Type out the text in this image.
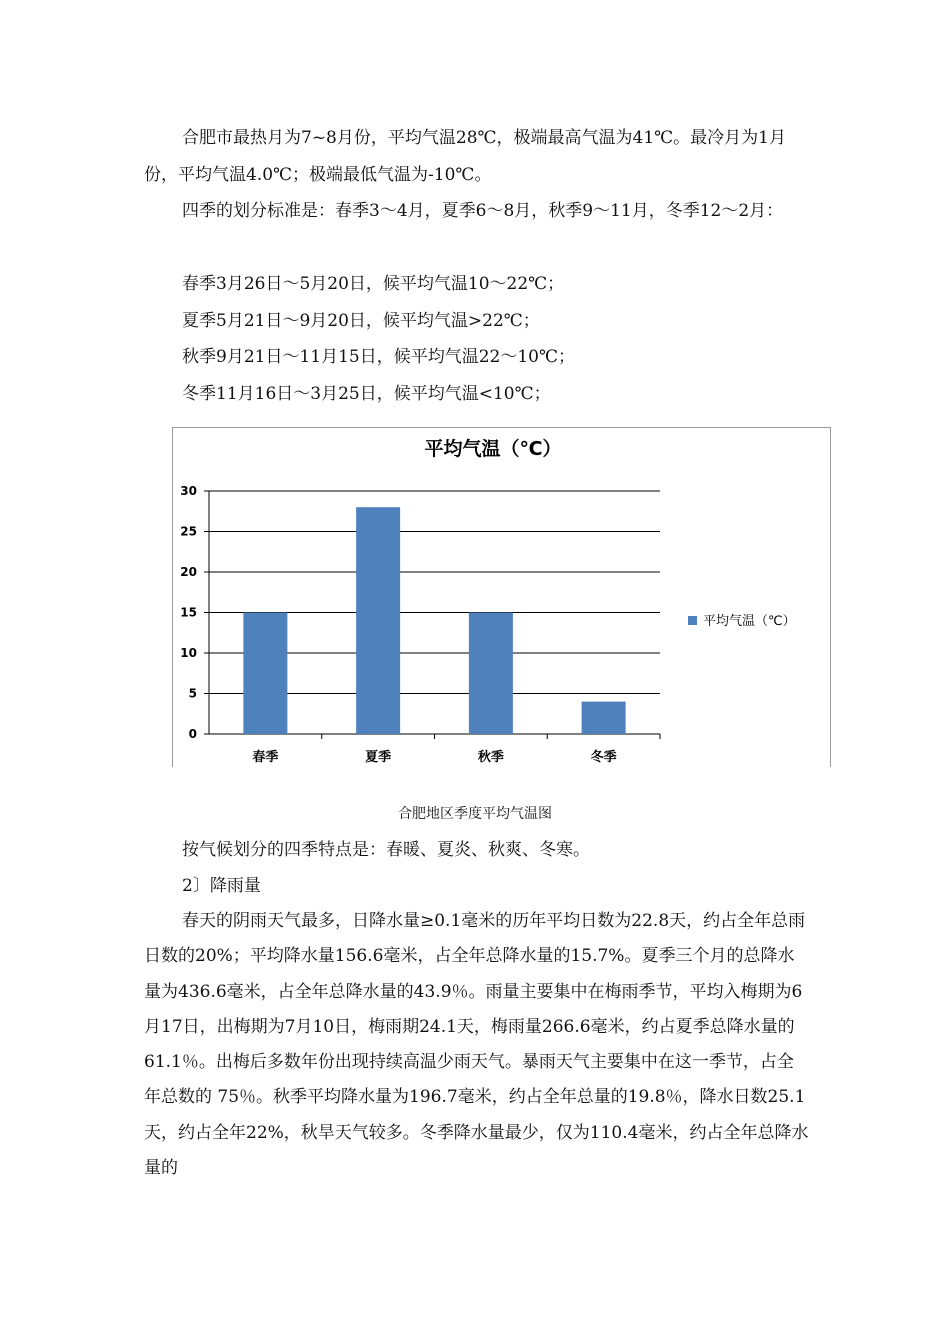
合肥市最热月为7~8月份，平均气温28℃，极端最高气温为41℃。最冷月为1月份，平均气温4.0℃；极端最低气温为-10℃。

四季的划分标准是：春季3～4月，夏季6～8月，秋季9～11月，冬季12～2月：

春季3月26日～5月20日，候平均气温10～22℃；

夏季5月21日～9月20日，候平均气温>22℃；

秋季9月21日～11月15日，候平均气温22～10℃；

冬季11月16日～3月25日，候平均气温<10℃；

平均气温（℃）
0
5
10
15
20
25
30
春季	夏季	秋季	冬季
平均气温（℃）

合肥地区季度平均气温图

按气候划分的四季特点是：春暖、夏炎、秋爽、冬寒。

2〕降雨量

春天的阴雨天气最多，日降水量≥0.1毫米的历年平均日数为22.8天，约占全年总雨日数的20%；平均降水量156.6毫米，占全年总降水量的15.7%。夏季三个月的总降水量为436.6毫米，占全年总降水量的43.9％。雨量主要集中在梅雨季节，平均入梅期为6月17日，出梅期为7月10日，梅雨期24.1天，梅雨量266.6毫米，约占夏季总降水量的61.1％。出梅后多数年份出现持续高温少雨天气。暴雨天气主要集中在这一季节，占全年总数的 75％。秋季平均降水量为196.7毫米，约占全年总量的19.8％，降水日数25.1天，约占全年22%，秋旱天气较多。冬季降水量最少，仅为110.4毫米，约占全年总降水量的
